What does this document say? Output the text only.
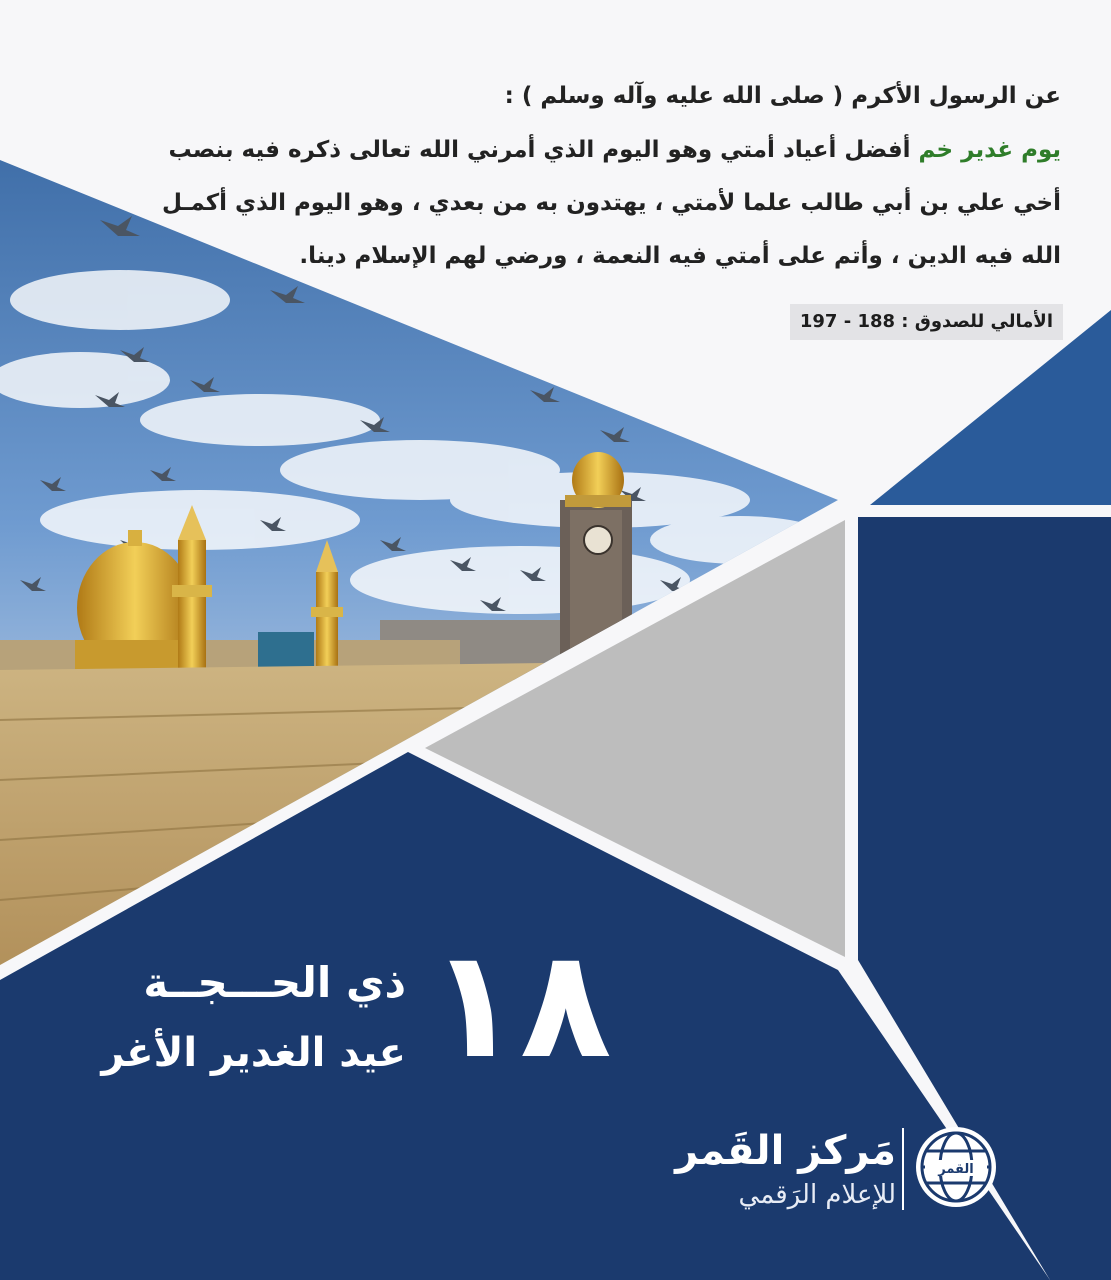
عن الرسول الأكرم ( صلى الله عليه وآله وسلم ) :
يوم غدير خم أفضل أعياد أمتي وهو اليوم الذي أمرني الله تعالى ذكره فيه بنصب
أخي علي بن أبي طالب علما لأمتي ، يهتدون به من بعدي ، وهو اليوم الذي أكمـل
الله فيه الدين ، وأتم على أمتي فيه النعمة ، ورضي لهم الإسلام دينا.
الأمالي للصدوق : 188 - 197
١٨
ذي الحـــجــة
عيد الغدير الأغر
مَركز القَمر
للإعلام الرَقمي
القمر
